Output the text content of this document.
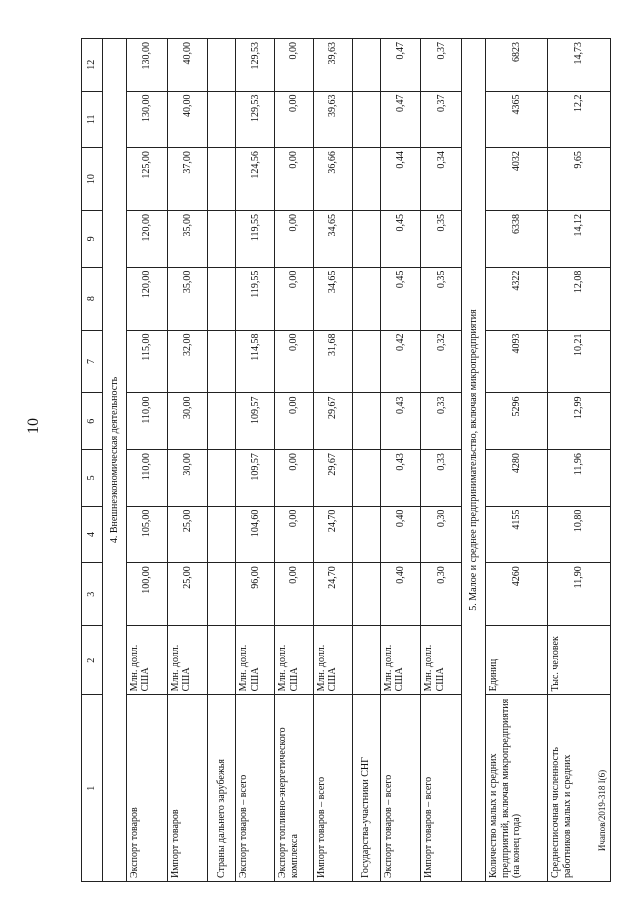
10
Ичапов/2019-318 І(6)
1	2	3	4	5	6	7	8	9	10	11	12
4. Внешнеэкономическая деятельность											
Экспорт товаров	Млн. долл. США	100,00	105,00	110,00	110,00	115,00	120,00	120,00	125,00	130,00	130,00
Импорт товаров	Млн. долл. США	25,00	25,00	30,00	30,00	32,00	35,00	35,00	37,00	40,00	40,00
Страны дальнего зарубежья											
Экспорт товаров – всего	Млн. долл. США	96,00	104,60	109,57	109,57	114,58	119,55	119,55	124,56	129,53	129,53
Экспорт топливно-энергетического комплекса	Млн. долл. США	0,00	0,00	0,00	0,00	0,00	0,00	0,00	0,00	0,00	0,00
Импорт товаров – всего	Млн. долл. США	24,70	24,70	29,67	29,67	31,68	34,65	34,65	36,66	39,63	39,63
Государства-участники СНГ											
Экспорт товаров – всего	Млн. долл. США	0,40	0,40	0,43	0,43	0,42	0,45	0,45	0,44	0,47	0,47
Импорт товаров – всего	Млн. долл. США	0,30	0,30	0,33	0,33	0,32	0,35	0,35	0,34	0,37	0,37
5. Малое и среднее предпринимательство, включая микропредприятия											
Количество малых и средних предприятий, включая микропредприятия (на конец года)	Единиц	4260	4155	4280	5296	4093	4322	6338	4032	4365	6823
Среднесписочная численность работников малых и средних	Тыс. человек	11,90	10,80	11,96	12,99	10,21	12,08	14,12	9,65	12,2	14,73
